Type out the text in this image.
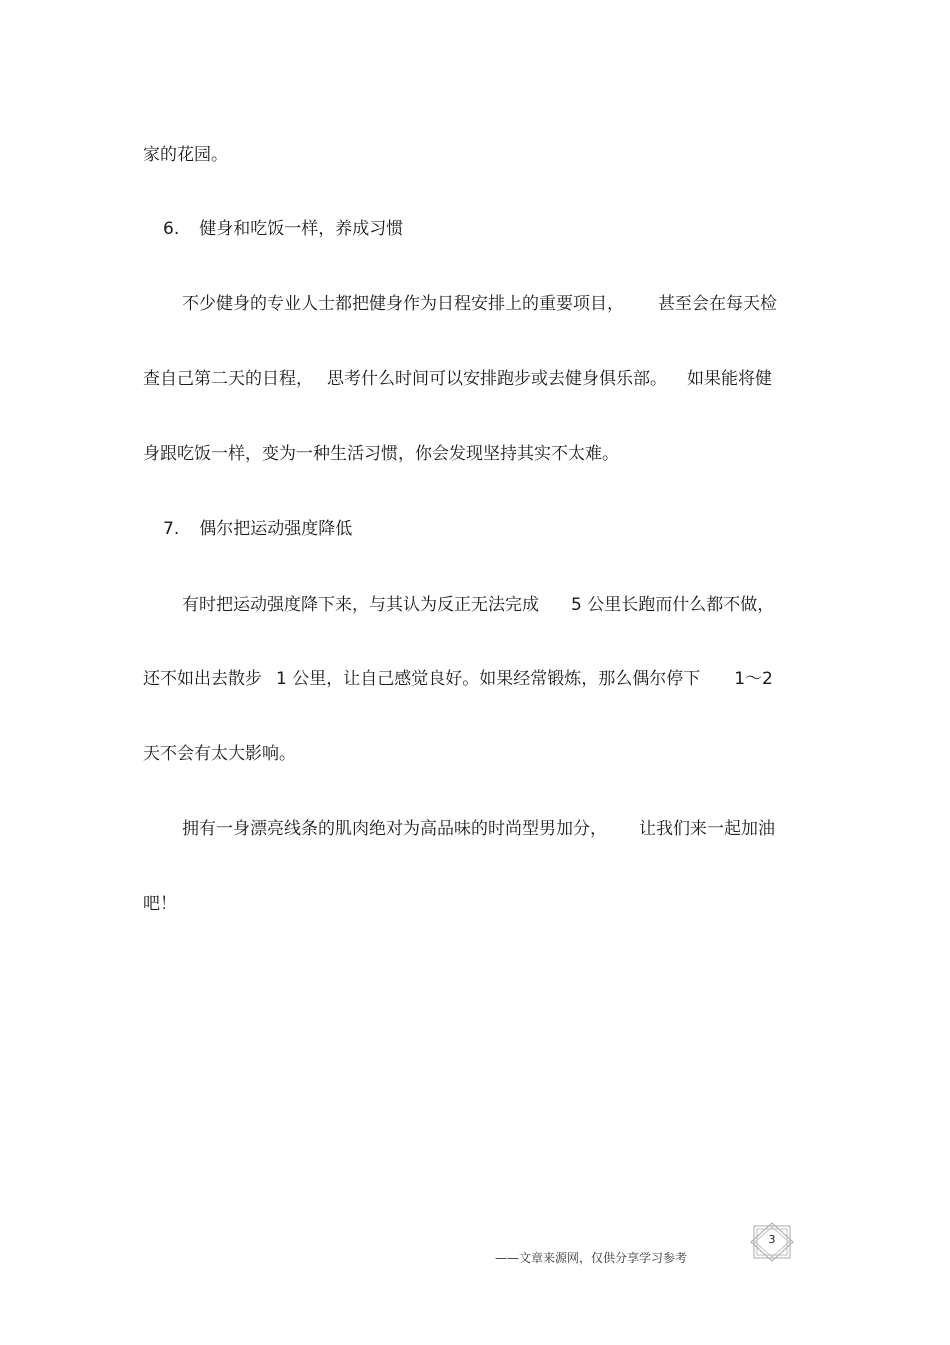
家的花园。

6. 健身和吃饭一样，养成习惯

不少健身的专业人士都把健身作为日程安排上的重要项目， 甚至会在每天检

查自己第二天的日程， 思考什么时间可以安排跑步或去健身俱乐部。 如果能将健

身跟吃饭一样，变为一种生活习惯，你会发现坚持其实不太难。

7. 偶尔把运动强度降低

有时把运动强度降下来，与其认为反正无法完成 5 公里长跑而什么都不做，

还不如出去散步 1 公里，让自己感觉良好。如果经常锻炼，那么偶尔停下 1～2

天不会有太大影响。

拥有一身漂亮线条的肌肉绝对为高品味的时尚型男加分， 让我们来一起加油

吧！

——文章来源网，仅供分享学习参考
3
